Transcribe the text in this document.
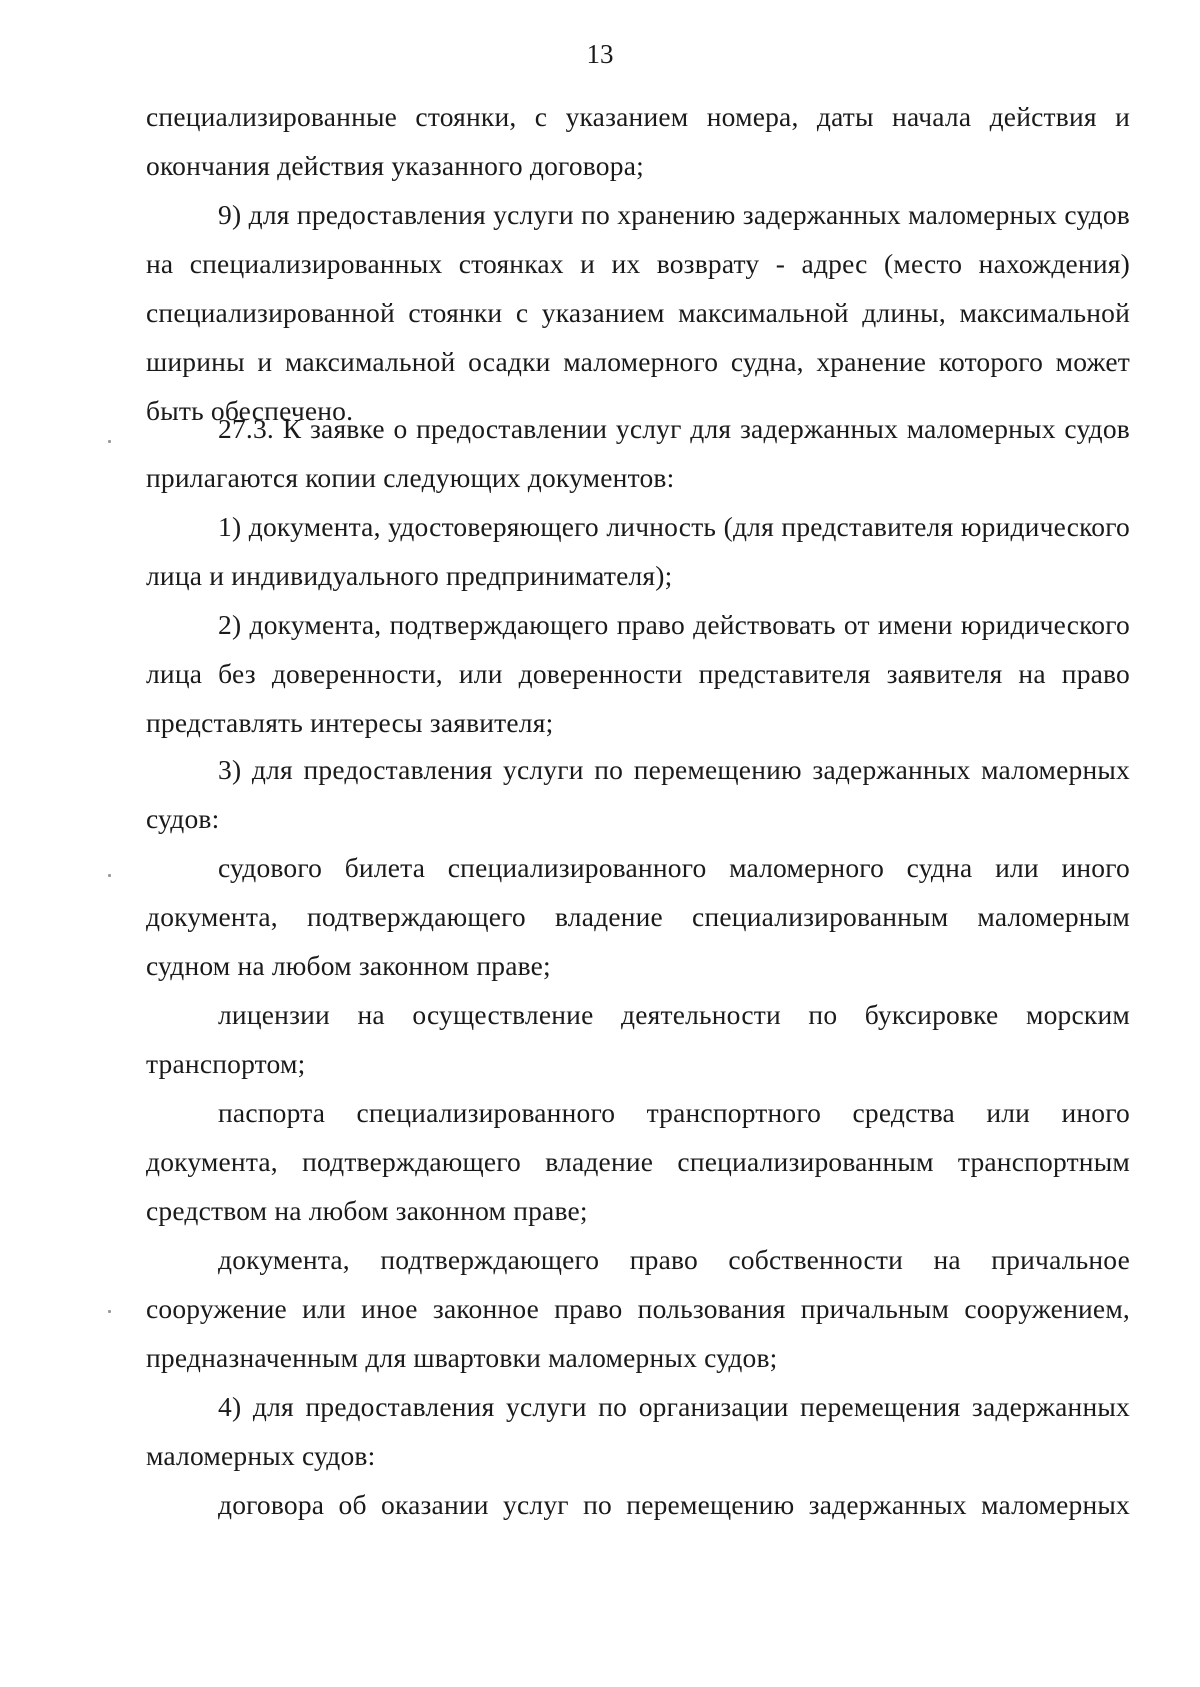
13
специализированные стоянки, с указанием номера, даты начала действия и окончания действия указанного договора;
9) для предоставления услуги по хранению задержанных маломерных судов на специализированных стоянках и их возврату - адрес (место нахождения) специализированной стоянки с указанием максимальной длины, максимальной ширины и максимальной осадки маломерного судна, хранение которого может быть обеспечено.
27.3. К заявке о предоставлении услуг для задержанных маломерных судов прилагаются копии следующих документов:
1) документа, удостоверяющего личность (для представителя юридического лица и индивидуального предпринимателя);
2) документа, подтверждающего право действовать от имени юридического лица без доверенности, или доверенности представителя заявителя на право представлять интересы заявителя;
3) для предоставления услуги по перемещению задержанных маломерных судов:
судового билета специализированного маломерного судна или иного документа, подтверждающего владение специализированным маломерным судном на любом законном праве;
лицензии на осуществление деятельности по буксировке морским транспортом;
паспорта специализированного транспортного средства или иного документа, подтверждающего владение специализированным транспортным средством на любом законном праве;
документа, подтверждающего право собственности на причальное сооружение или иное законное право пользования причальным сооружением, предназначенным для швартовки маломерных судов;
4) для предоставления услуги по организации перемещения задержанных маломерных судов:
договора об оказании услуг по перемещению задержанных маломерных
